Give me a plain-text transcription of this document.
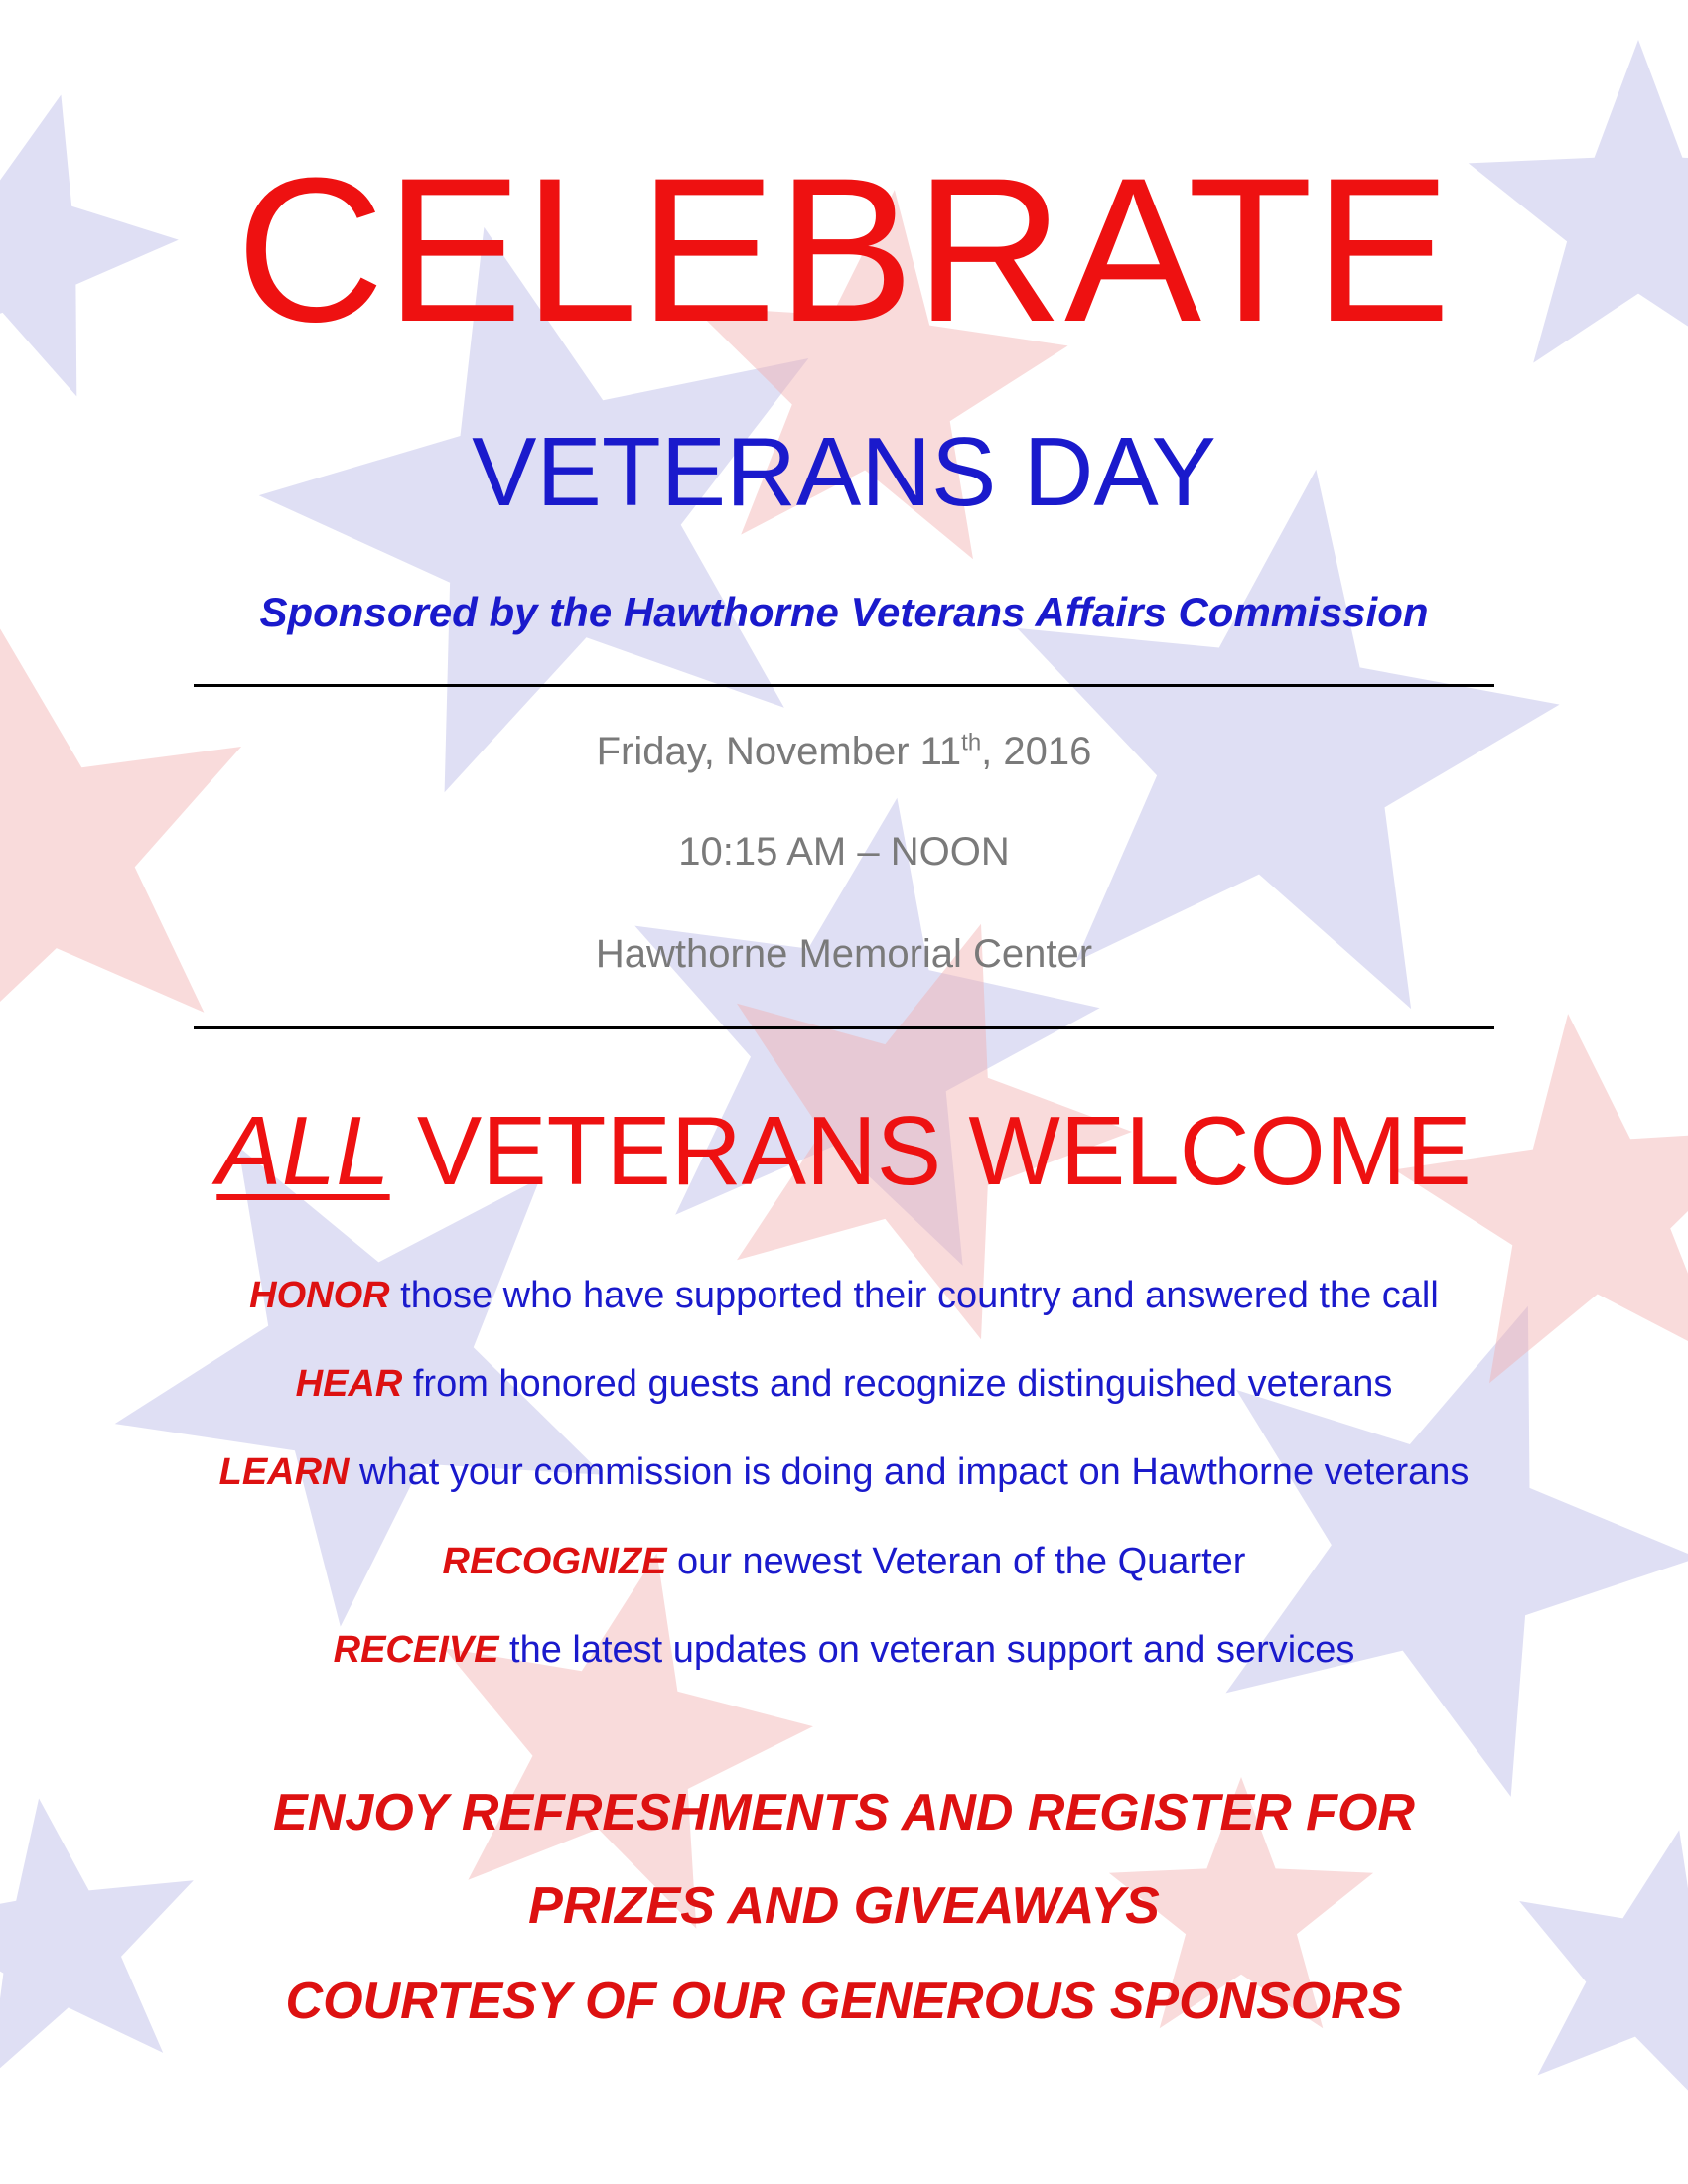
CELEBRATE
VETERANS DAY
Sponsored by the Hawthorne Veterans Affairs Commission
Friday, November 11th, 2016
10:15 AM – NOON
Hawthorne Memorial Center
ALL VETERANS WELCOME
HONOR those who have supported their country and answered the call
HEAR from honored guests and recognize distinguished veterans
LEARN what your commission is doing and impact on Hawthorne veterans
RECOGNIZE our newest Veteran of the Quarter
RECEIVE the latest updates on veteran support and services
ENJOY REFRESHMENTS AND REGISTER FOR
PRIZES AND GIVEAWAYS
COURTESY OF OUR GENEROUS SPONSORS
